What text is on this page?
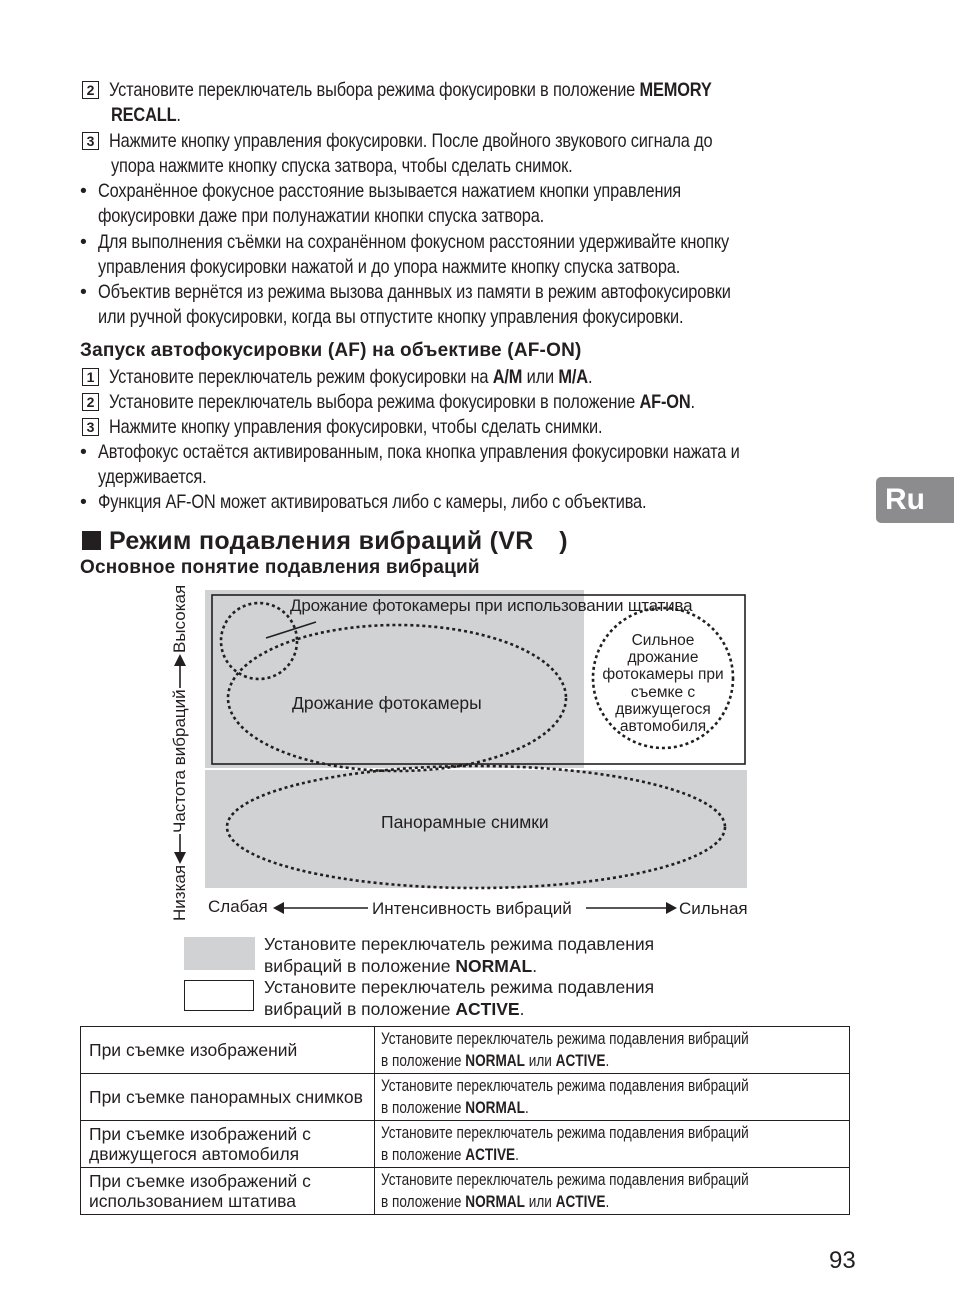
2 Установите переключатель выбора режима фокусировки в положение MEMORY
RECALL.
3 Нажмите кнопку управления фокусировки. После двойного звукового сигнала до
упора нажмите кнопку спуска затвора, чтобы сделать снимок.
• Сохранённое фокусное расстояние вызывается нажатием кнопки управления
фокусировки даже при полунажатии кнопки спуска затвора.
• Для выполнения съёмки на сохранённом фокусном расстоянии удерживайте кнопку
управления фокусировки нажатой и до упора нажмите кнопку спуска затвора.
• Объектив вернётся из режима вызова даннвых из памяти в режим автофокусировки
или ручной фокусировки, когда вы отпустите кнопку управления фокусировки.
Запуск автофокусировки (AF) на объективе (AF-ON)
1 Установите переключатель режим фокусировки на A/M или M/A.
2 Установите переключатель выбора режима фокусировки в положение AF-ON.
3 Нажмите кнопку управления фокусировки, чтобы сделать снимки.
• Автофокус остаётся активированным, пока кнопка управления фокусировки нажата и
удерживается.
• Функция AF-ON может активироваться либо с камеры, либо с объектива.	Ru
Режим подавления вибраций (VR  )
Основное понятие подавления вибраций
Дрожание фотокамеры при использовании штатива
Дрожание фотокамеры
Сильное
дрожание
фотокамеры при
съемке с
движущегося
автомобиля
Панорамные снимки
Слабая	Интенсивность вибраций	Сильная
Высокая
Частота вибраций
Низкая
Установите переключатель режима подавления
вибраций в положение NORMAL.
Установите переключатель режима подавления
вибраций в положение ACTIVE.
При съемке изображений	Установите переключатель режима подавления вибраций
в положение NORMAL или ACTIVE.
При съемке панорамных снимков	Установите переключатель режима подавления вибраций
в положение NORMAL.
При съемке изображений с
движущегося автомобиля	Установите переключатель режима подавления вибраций
в положение ACTIVE.
При съемке изображений с
использованием штатива	Установите переключатель режима подавления вибраций
в положение NORMAL или ACTIVE.
93
